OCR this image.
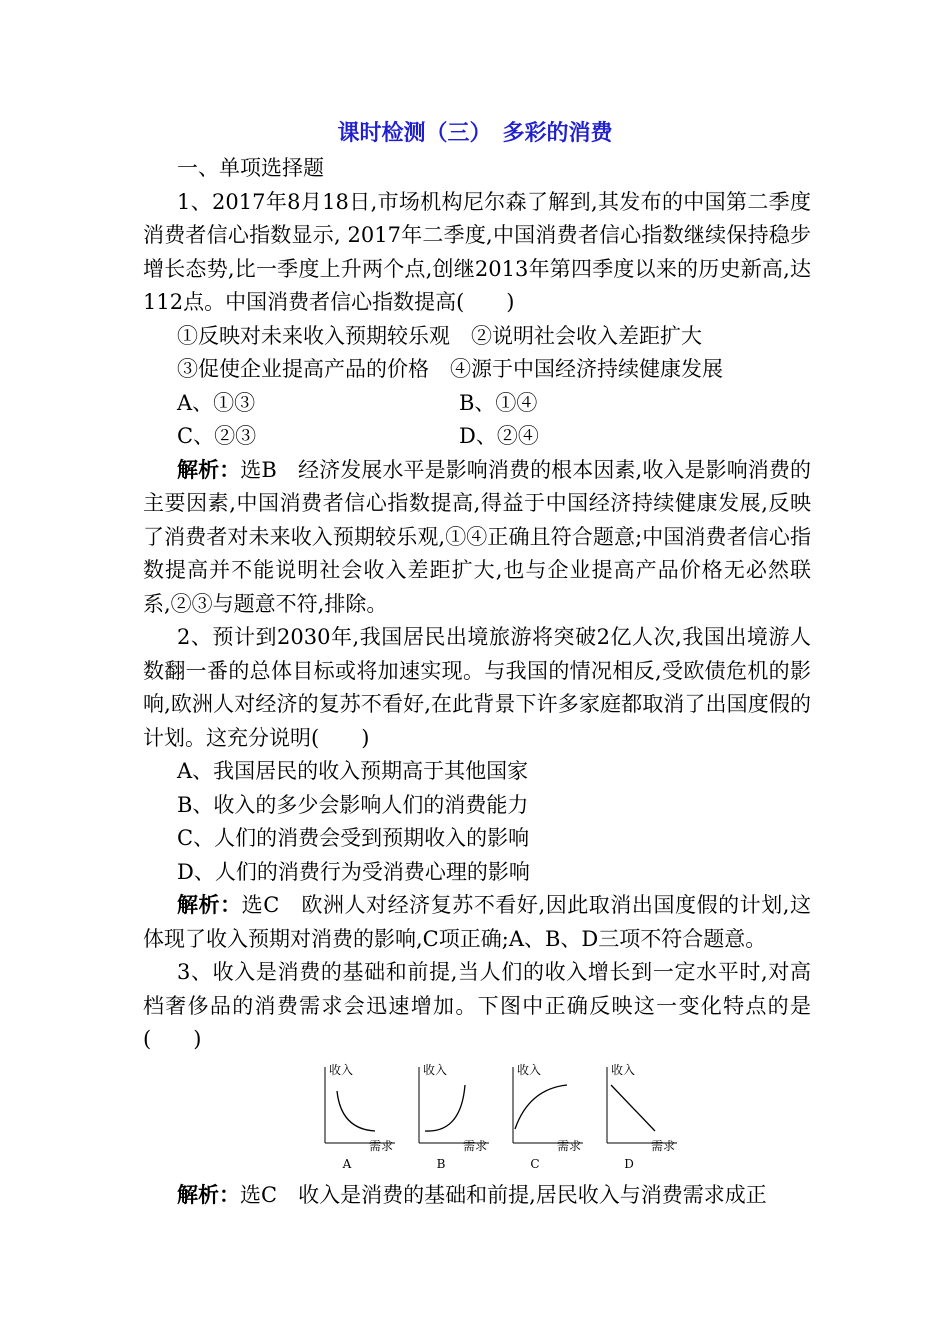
课时检测（三）　多彩的消费

一、单项选择题

1、2017年8月18日,市场机构尼尔森了解到,其发布的中国第二季度消费者信心指数显示, 2017年二季度,中国消费者信心指数继续保持稳步增长态势,比一季度上升两个点,创继2013年第四季度以来的历史新高,达112点。中国消费者信心指数提高(　　)

①反映对未来收入预期较乐观　②说明社会收入差距扩大

③促使企业提高产品的价格　④源于中国经济持续健康发展

A、①③	B、①④
C、②③	D、②④

解析：选B　经济发展水平是影响消费的根本因素,收入是影响消费的主要因素,中国消费者信心指数提高,得益于中国经济持续健康发展,反映了消费者对未来收入预期较乐观,①④正确且符合题意;中国消费者信心指数提高并不能说明社会收入差距扩大,也与企业提高产品价格无必然联系,②③与题意不符,排除。

2、预计到2030年,我国居民出境旅游将突破2亿人次,我国出境游人数翻一番的总体目标或将加速实现。与我国的情况相反,受欧债危机的影响,欧洲人对经济的复苏不看好,在此背景下许多家庭都取消了出国度假的计划。这充分说明(　　)

A、我国居民的收入预期高于其他国家

B、收入的多少会影响人们的消费能力

C、人们的消费会受到预期收入的影响

D、人们的消费行为受消费心理的影响

解析：选C　欧洲人对经济复苏不看好,因此取消出国度假的计划,这体现了收入预期对消费的影响,C项正确;A、B、D三项不符合题意。

3、收入是消费的基础和前提,当人们的收入增长到一定水平时,对高档奢侈品的消费需求会迅速增加。下图中正确反映这一变化特点的是(　　)

收入
需求
A
收入
需求
B
收入
需求
C
收入
需求
D

解析：选C　收入是消费的基础和前提,居民收入与消费需求成正
